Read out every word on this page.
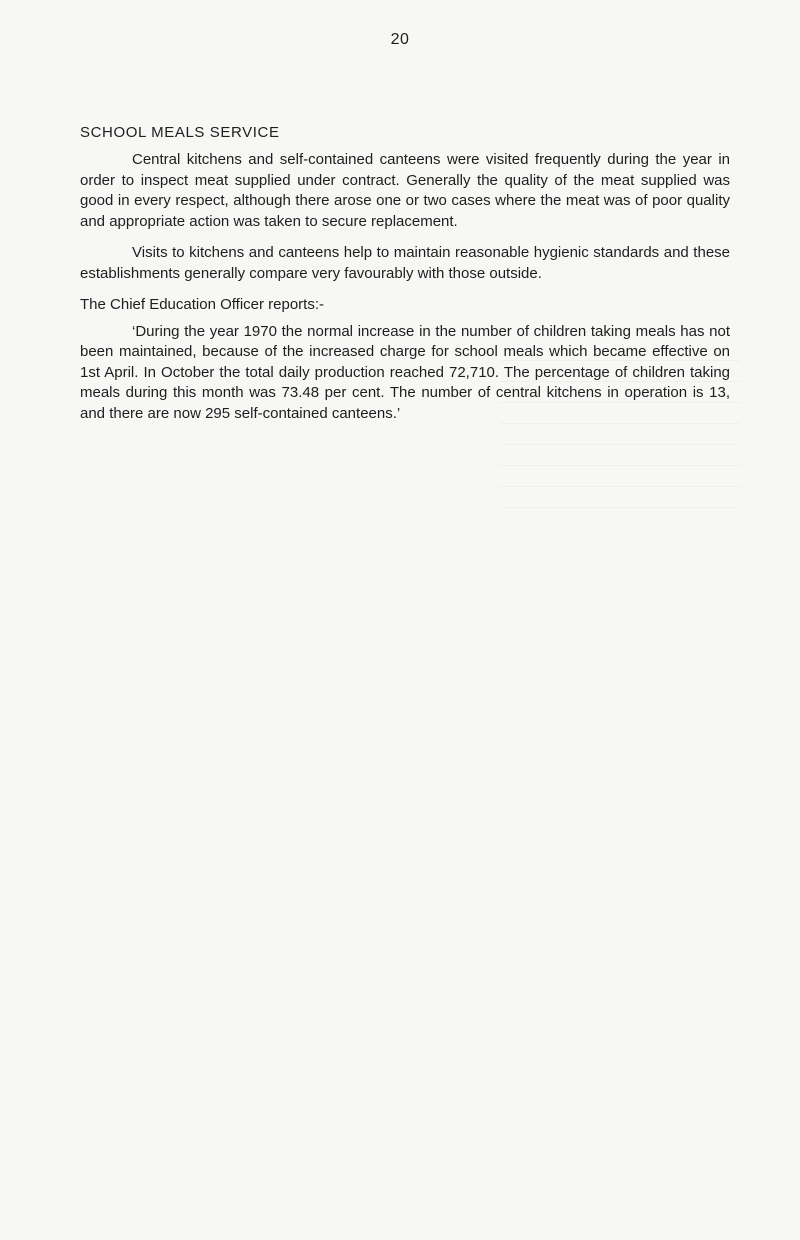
20
SCHOOL MEALS SERVICE

Central kitchens and self-contained canteens were visited frequently during the year in order to inspect meat supplied under contract. Generally the quality of the meat supplied was good in every respect, although there arose one or two cases where the meat was of poor quality and appropriate action was taken to secure replacement.

Visits to kitchens and canteens help to maintain reasonable hygienic standards and these establishments generally compare very favourably with those outside.

The Chief Education Officer reports:-

‘During the year 1970 the normal increase in the number of children taking meals has not been maintained, because of the increased charge for school meals which became effective on 1st April. In October the total daily production reached 72,710. The percentage of children taking meals during this month was 73.48 per cent. The number of central kitchens in operation is 13, and there are now 295 self-contained canteens.’
